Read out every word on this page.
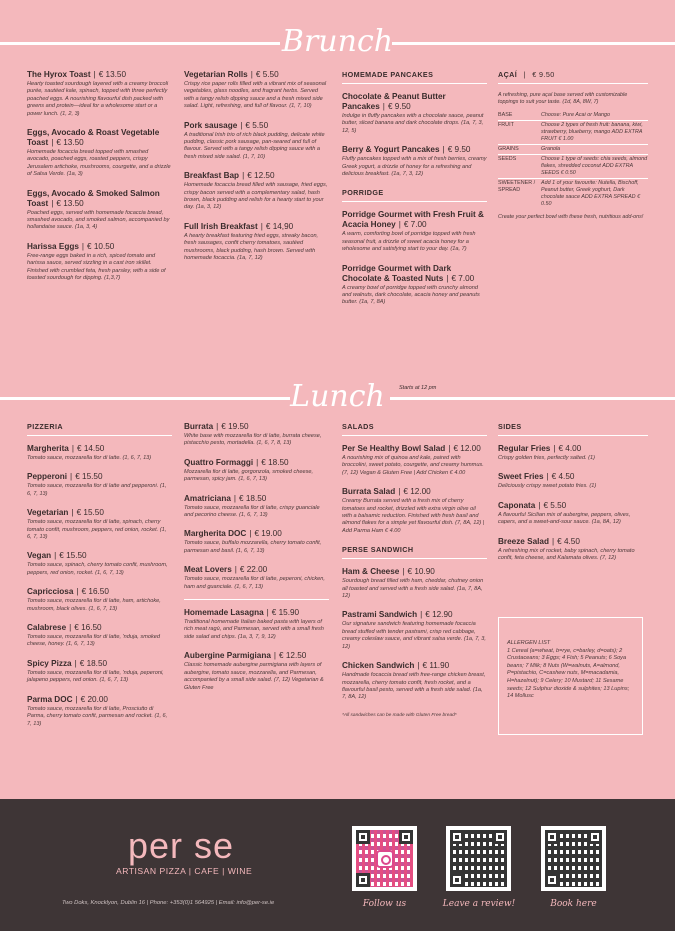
Brunch
The Hyrox Toast | € 13.50
Hearty toasted sourdough layered with a creamy broccoli purée, sautéed kale, spinach, topped with three perfectly poached eggs. A nourishing flavourful dish packed with greens and protein—ideal for a wholesome start or a power lunch. (1, 2, 3)
Eggs, Avocado & Roast Vegetable Toast | € 13.50
Homemade focaccia bread topped with smashed avocado, poached eggs, roasted peppers, crispy Jerusalem artichoke, mushrooms, courgette, and a drizzle of Salsa Verde. (1a, 3)
Eggs, Avocado & Smoked Salmon Toast | € 13.50
Poached eggs, served with homemade focaccia bread, smashed avocado, and smoked salmon, accompanied by hollandaise sauce. (1a, 3, 4)
Harissa Eggs | € 10.50
Free-range eggs baked in a rich, spiced tomato and harissa sauce, served sizzling in a cast iron skillet. Finished with crumbled feta, fresh parsley, with a side of toasted sourdough for dipping. (1,3,7)
Vegetarian Rolls | € 5.50
Crispy rice paper rolls filled with a vibrant mix of seasonal vegetables, glass noodles, and fragrant herbs. Served with a tangy relish dipping sauce and a fresh mixed side salad. Light, refreshing, and full of flavour. (1, 7, 10)
Pork sausage | € 5.50
A traditional Irish trio of rich black pudding, delicate white pudding, classic pork sausage, pan-seared and full of flavour. Served with a tangy relish dipping sauce with a fresh mixed side salad. (1, 7, 10)
Breakfast Bap | € 12.50
Homemade focaccia bread filled with sausage, fried eggs, crispy bacon served with a complementary salad, hash brown, black pudding and relish for a hearty start to your day. (1a, 3, 12)
Full Irish Breakfast | € 14,90
A hearty breakfast featuring fried eggs, streaky bacon, fresh sausages, confit cherry tomatoes, sautéed mushrooms, black pudding, hash brown. Served with homemade focaccia. (1a, 7, 12)
HOMEMADE PANCAKES
Chocolate & Peanut Butter Pancakes | € 9.50
Indulge in fluffy pancakes with a chocolate sauce, peanut butter, sliced banana and dark chocolate drops. (1a, 7, 3, 12, 5)
Berry & Yogurt Pancakes | € 9.50
Fluffy pancakes topped with a mix of fresh berries, creamy Greek yogurt, a drizzle of honey for a refreshing and delicious breakfast. (1a, 7, 3, 12)
PORRIDGE
Porridge Gourmet with Fresh Fruit & Acacia Honey | € 7.00
A warm, comforting bowl of porridge topped with fresh seasonal fruit, a drizzle of sweet acacia honey for a wholesome and satisfying start to your day. (1a, 7)
Porridge Gourmet with Dark Chocolate & Toasted Nuts | € 7.00
A creamy bowl of porridge topped with crunchy almond and walnuts, dark chocolate, acacia honey and peanuts butter. (1a, 7, 8A)
AÇAÍ | € 9.50
A refreshing, pure açaí base served with customizable toppings to suit your taste. (1d, 8A, 8W, 7)
BASE	Choose: Pure Acai or Mango
FRUIT	Choose 2 types of fresh fruit: banana, kiwi, strawberry, blueberry, mango ADD EXTRA FRUIT € 1.00
GRAINS	Granola
SEEDS	Choose 1 type of seeds: chia seeds, almond flakes, shredded coconut ADD EXTRA SEEDS € 0.50
SWEETENER / SPREAD
Add 1 of your favourite: Nutella, Bischoff, Peanut butter, Greek yoghurt, Dark chocolate sauce ADD EXTRA SPREAD € 0.50
Create your perfect bowl with these fresh, nutritious add-ons!
Lunch	Starts at 12 pm
PIZZERIA
Margherita | € 14.50
Tomato sauce, mozzarella fior di latte. (1, 6, 7, 13)
Pepperoni | € 15.50
Tomato sauce, mozzarella fior di latte and pepperoni. (1, 6, 7, 13)
Vegetarian | € 15.50
Tomato sauce, mozzarella fior di latte, spinach, cherry tomato confit, mushroom, peppers, red onion, rocket. (1, 6, 7, 13)
Vegan | € 15.50
Tomato sauce, spinach, cherry tomato confit, mushroom, peppers, red onion, rocket. (1, 6, 7, 13)
Capricciosa | € 16.50
Tomato sauce, mozzarella fior di latte, ham, artichoke, mushroom, black olives. (1, 6, 7, 13)
Calabrese | € 16.50
Tomato sauce, mozzarella fior di latte, 'nduja, smoked cheese, honey. (1, 6, 7, 13)
Spicy Pizza | € 18.50
Tomato sauce, mozzarella fior di latte, 'nduja, peperoni, jalapeno peppers, red onion. (1, 6, 7, 13)
Parma DOC | € 20.00
Tomato sauce, mozzarella fior di latte, Prosciutto di Parma, cherry tomato confit, parmesan and rocket. (1, 6, 7, 13)
Burrata | € 19.50
White base with mozzarella fior di latte, burrata cheese, pistacchio pesto, mortadella. (1, 6, 7, 8, 13)
Quattro Formaggi | € 18.50
Mozzarella fior di latte, gorgonzola, smoked cheese, parmesan, spicy jam. (1, 6, 7, 13)
Amatriciana | € 18.50
Tomato sauce, mozzarella fior di latte, crispy guanciale and pecorino cheese. (1, 6, 7, 13)
Margherita DOC | € 19.00
Tomato sauce, buffalo mozzarella, cherry tomato confit, parmesan and basil. (1, 6, 7, 13)
Meat Lovers | € 22.00
Tomato sauce, mozzarella fior di latte, peperoni, chicken, ham and guanciale. (1, 6, 7, 13)
Homemade Lasagna | € 15.90
Traditional homemade Italian baked pasta with layers of rich meat ragù, and Parmesan, served with a small fresh side salad and chips. (1a, 3, 7, 9, 12)
Aubergine Parmigiana | € 12.50
Classic homemade aubergine parmigiana with layers of aubergine, tomato sauce, mozzarella, and Parmesan, accompanied by a small side salad. (7, 12) Vegetarian & Gluten Free
SALADS
Per Se Healthy Bowl Salad | € 12.00
A nourishing mix of quinoa and kale, paired with broccolini, sweet potato, courgette, and creamy hummus. (7, 12) Vegan & Gluten Free | Add Chicken € 4.00
Burrata Salad | € 12.00
Creamy Burrata served with a fresh mix of cherry tomatoes and rocket, drizzled with extra virgin olive oil with a balsamic reduction. Finished with fresh basil and almond flakes for a simple yet flavourful dish. (7, 8A, 12) | Add Parma Ham € 4.00
PERSE SANDWICH
Ham & Cheese | € 10.90
Sourdough bread filled with ham, cheddar, chutney onion all toasted and served with a fresh side salad. (1a, 7, 8A, 12)
Pastrami Sandwich | € 12.90
Our signature sandwich featuring homemade focaccia bread stuffed with tender pastrami, crisp red cabbage, creamy coleslaw sauce, and vibrant salsa verde. (1a, 7, 3, 12)
Chicken Sandwich | € 11.90
Handmade focaccia bread with free-range chicken breast, mozzarella, cherry tomato confit, fresh rocket, and a flavourful basil pesto, served with a fresh side salad. (1a, 7, 8A, 12)
*All sandwiches can be made with Gluten Free bread*
SIDES
Regular Fries | € 4.00
Crispy golden fries, perfectly salted. (1)
Sweet Fries | € 4.50
Deliciously crispy sweet potato fries. (1)
Caponata | € 5.50
A flavourful Sicilian mix of aubergine, peppers, olives, capers, and a sweet-and-sour sauce. (1a, 8A, 12)
Breeze Salad | € 4.50
A refreshing mix of rocket, baby spinach, cherry tomato confit, feta cheese, and Kalamata olives. (7, 12)
ALLERGEN LIST
1 Cereal (a=wheat, b=rye, c=barley, d=oats); 2 Crustaceans; 3 Eggs; 4 Fish; 5 Peanuts; 6 Soya beans; 7 Milk; 8 Nuts (W=walnuts, A=almond, P=pistachio, C=cashew nuts, M=macadamia, H=hazelnut); 9 Celery; 10 Mustard; 11 Sesame seeds; 12 Sulphur dioxide & sulphites; 13 Lupins; 14 Mollusc
per se
ARTISAN PIZZA | CAFE | WINE
Two Doks, Knocklyon, Dublin 16 | Phone: +353(0)1 564925 | Email: info@per-se.ie	Follow us	Leave a review!	Book here
